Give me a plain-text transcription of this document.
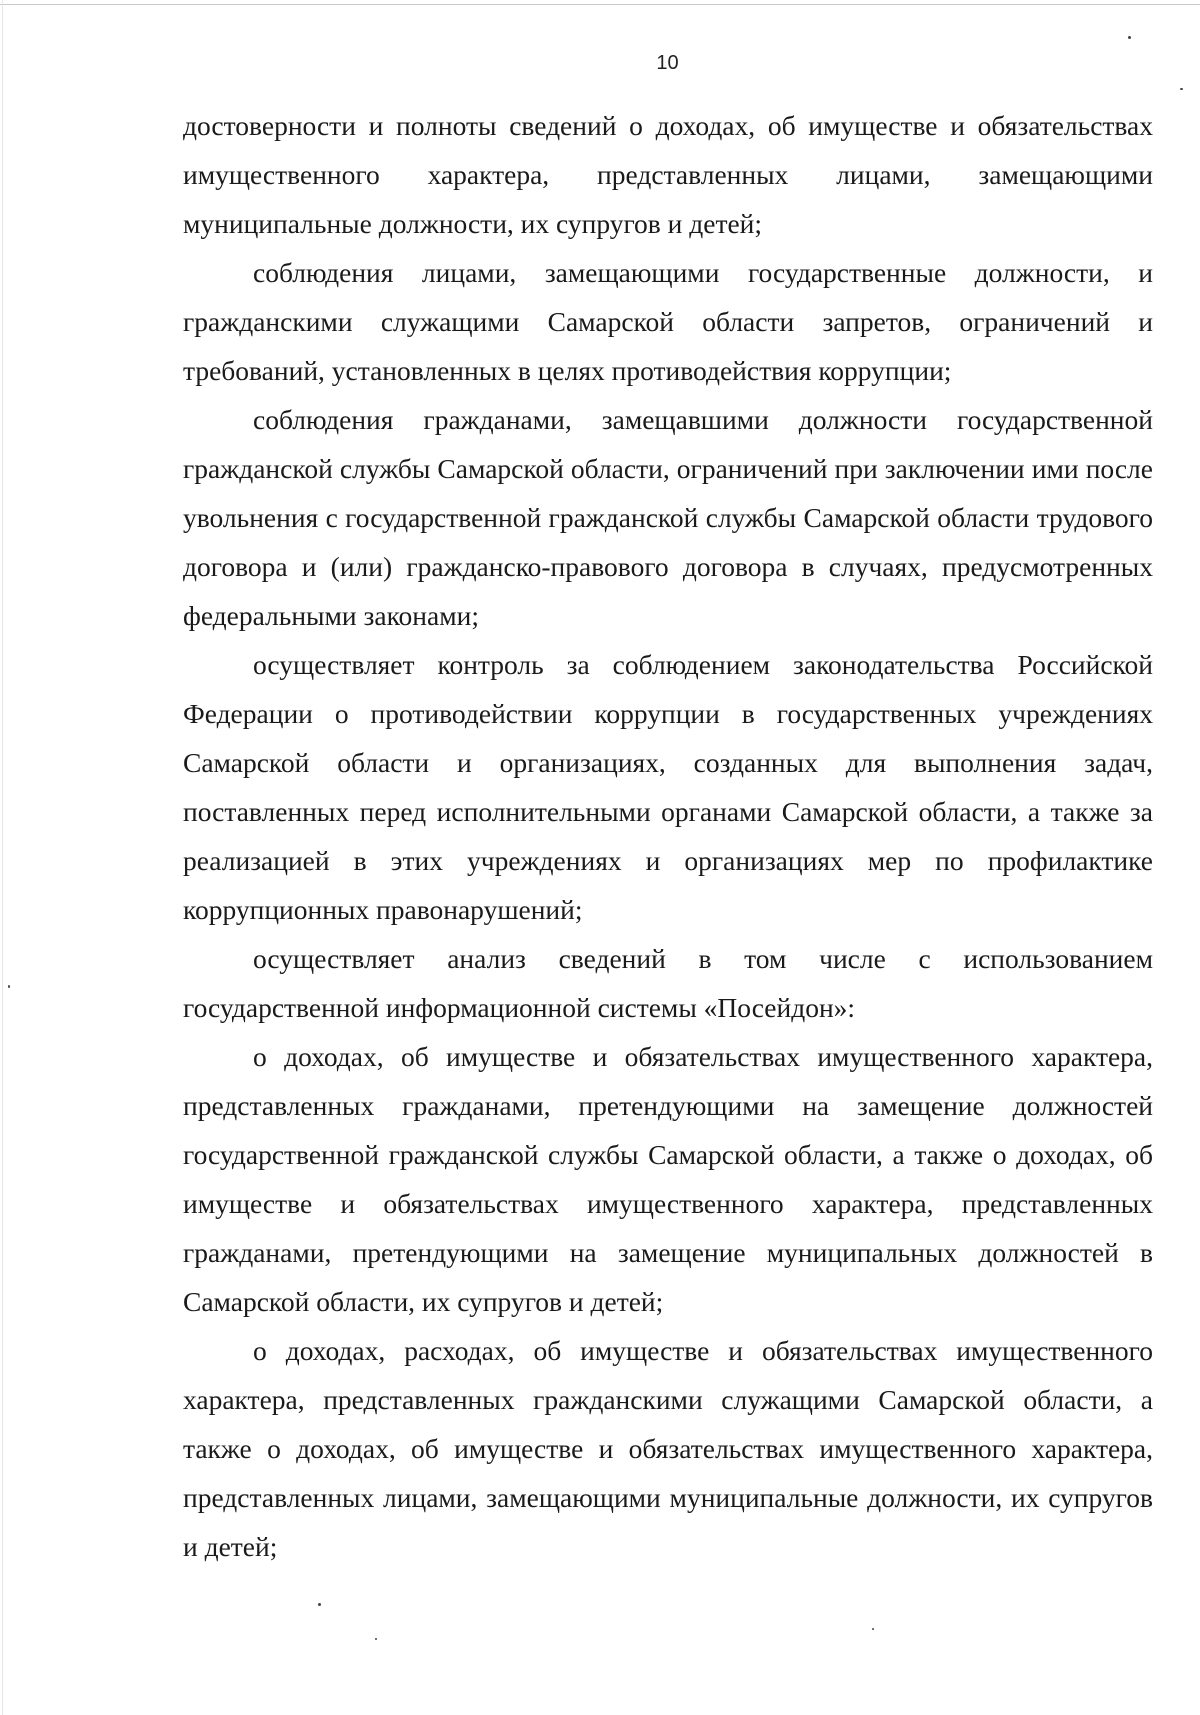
10

достоверности и полноты сведений о доходах, об имуществе и обязательствах имущественного характера, представленных лицами, замещающими муниципальные должности, их супругов и детей;

соблюдения лицами, замещающими государственные должности, и гражданскими служащими Самарской области запретов, ограничений и требований, установленных в целях противодействия коррупции;

соблюдения гражданами, замещавшими должности государственной гражданской службы Самарской области, ограничений при заключении ими после увольнения с государственной гражданской службы Самарской области трудового договора и (или) гражданско-правового договора в случаях, предусмотренных федеральными законами;

осуществляет контроль за соблюдением законодательства Российской Федерации о противодействии коррупции в государственных учреждениях Самарской области и организациях, созданных для выполнения задач, поставленных перед исполнительными органами Самарской области, а также за реализацией в этих учреждениях и организациях мер по профилактике коррупционных правонарушений;

осуществляет анализ сведений в том числе с использованием государственной информационной системы «Посейдон»:

о доходах, об имуществе и обязательствах имущественного характера, представленных гражданами, претендующими на замещение должностей государственной гражданской службы Самарской области, а также о доходах, об имуществе и обязательствах имущественного характера, представленных гражданами, претендующими на замещение муниципальных должностей в Самарской области, их супругов и детей;

о доходах, расходах, об имуществе и обязательствах имущественного характера, представленных гражданскими служащими Самарской области, а также о доходах, об имуществе и обязательствах имущественного характера, представленных лицами, замещающими муниципальные должности, их супругов и детей;
